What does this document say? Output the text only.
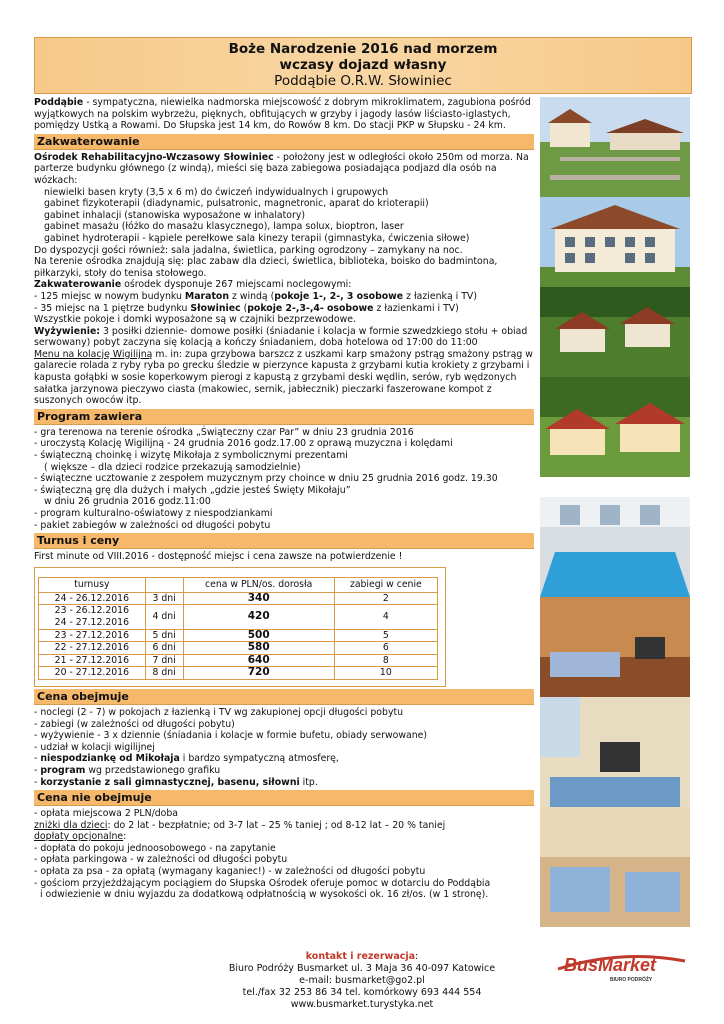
Boże Narodzenie 2016 nad morzem
wczasy dojazd własny
Poddąbie O.R.W. Słowiniec

Poddąbie - sympatyczna, niewielka nadmorska miejscowość z dobrym mikroklimatem, zagubiona pośród wyjątkowych na polskim wybrzeżu, pięknych, obfitujących w grzyby i jagody lasów liściasto-iglastych, pomiędzy Ustką a Rowami. Do Słupska jest 14 km, do Rowów 8 km. Do stacji PKP w Słupsku - 24 km.

Zakwaterowanie

Ośrodek Rehabilitacyjno-Wczasowy Słowiniec - położony jest w odległości około 250m od morza. Na parterze budynku głównego (z windą), mieści się baza zabiegowa posiadająca podjazd dla osób na wózkach:

niewielki basen kryty (3,5 x 6 m) do ćwiczeń indywidualnych i grupowych
gabinet fizykoterapii (diadynamic, pulsatronic, magnetronic, aparat do krioterapii)
gabinet inhalacji (stanowiska wyposażone w inhalatory)
gabinet masażu (łóżko do masażu klasycznego), lampa solux, bioptron, laser
gabinet hydroterapii - kąpiele perełkowe sala kinezy terapii (gimnastyka, ćwiczenia siłowe)

Do dyspozycji gości również: sala jadalna, świetlica, parking ogrodzony – zamykany na noc.

Na terenie ośrodka znajdują się: plac zabaw dla dzieci, świetlica, biblioteka, boisko do badmintona, piłkarzyki, stoły do tenisa stołowego.

Zakwaterowanie ośrodek dysponuje 267 miejscami noclegowymi:

- 125 miejsc w nowym budynku Maraton z windą (pokoje 1-, 2-, 3 osobowe z łazienką i TV)

- 35 miejsc na 1 piętrze budynku Słowiniec (pokoje 2-,3-,4- osobowe z łazienkami i TV)

Wszystkie pokoje i domki wyposażone są w czajniki bezprzewodowe.

Wyżywienie: 3 posiłki dziennie- domowe posiłki (śniadanie i kolacja w formie szwedzkiego stołu + obiad serwowany) pobyt zaczyna się kolacją a kończy śniadaniem, doba hotelowa od 17:00 do 11:00

Menu na kolację Wigilijną m. in: zupa grzybowa barszcz z uszkami karp smażony pstrąg smażony pstrąg w galarecie rolada z ryby ryba po grecku śledzie w pierzynce kapusta z grzybami kutia krokiety z grzybami i kapusta gołąbki w sosie koperkowym pierogi z kapustą z grzybami deski wędlin, serów, ryb wędzonych sałatka jarzynowa pieczywo ciasta (makowiec, sernik, jabłecznik) pieczarki faszerowane kompot z suszonych owoców itp.

Program zawiera
- gra terenowa na terenie ośrodka „Świąteczny czar Par” w dniu 23 grudnia 2016
- uroczystą Kolację Wigilijną - 24 grudnia 2016 godz.17.00 z oprawą muzyczna i kolędami
- świąteczną choinkę i wizytę Mikołaja z symbolicznymi prezentami
( większe – dla dzieci rodzice przekazują samodzielnie)
- świąteczne ucztowanie z zespołem muzycznym przy choince w dniu 25 grudnia 2016 godz. 19.30
- świąteczną grę dla dużych i małych „gdzie jesteś Święty Mikołaju”
w dniu 26 grudnia 2016 godz.11:00
- program kulturalno-oświatowy z niespodziankami
- pakiet zabiegów w zależności od długości pobytu
Turnus i ceny

First minute od VIII.2016 - dostępność miejsc i cena zawsze na potwierdzenie !

turnusy		cena w PLN/os. dorosła	zabiegi w cenie
24 - 26.12.2016	3 dni	340	2
23 - 26.12.2016
24 - 27.12.2016	4 dni	420	4
23 - 27.12.2016	5 dni	500	5
22 - 27.12.2016	6 dni	580	6
21 - 27.12.2016	7 dni	640	8
20 - 27.12.2016	8 dni	720	10
Cena obejmuje
- noclegi (2 - 7) w pokojach z łazienką i TV wg zakupionej opcji długości pobytu
- zabiegi (w zależności od długości pobytu)
- wyżywienie - 3 x dziennie (śniadania i kolacje w formie bufetu, obiady serwowane)
- udział w kolacji wigilijnej
- niespodziankę od Mikołaja i bardzo sympatyczną atmosferę,
- program wg przedstawionego grafiku
- korzystanie z sali gimnastycznej, basenu, siłowni itp.
Cena nie obejmuje
- opłata miejscowa 2 PLN/doba
zniżki dla dzieci: do 2 lat - bezpłatnie; od 3-7 lat – 25 % taniej ; od 8-12 lat – 20 % taniej
dopłaty opcjonalne:
- dopłata do pokoju jednoosobowego - na zapytanie
- opłata parkingowa - w zależności od długości pobytu
- opłata za psa - za opłatą (wymagany kaganiec!) - w zależności od długości pobytu
- gościom przyjeżdżającym pociągiem do Słupska Ośrodek oferuje pomoc w dotarciu do Poddąbia
i odwiezienie w dniu wyjazdu za dodatkową odpłatnością w wysokości ok. 16 zł/os. (w 1 stronę).
BusMarket
BIURO PODRÓŻY
kontakt i rezerwacja:
Biuro Podróży Busmarket ul. 3 Maja 36 40-097 Katowice
e-mail: busmarket@go2.pl
tel./fax 32 253 86 34 tel. komórkowy 693 444 554
www.busmarket.turystyka.net
